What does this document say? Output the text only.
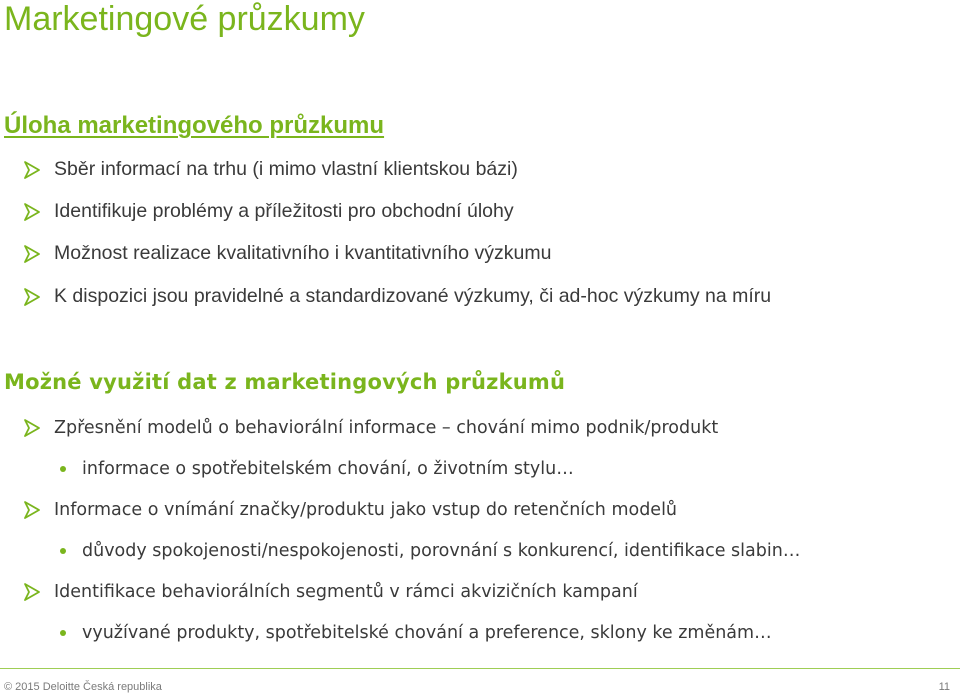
Marketingové průzkumy
Úloha marketingového průzkumu
Sběr informací na trhu (i mimo vlastní klientskou bázi)
Identifikuje problémy a příležitosti pro obchodní úlohy
Možnost realizace kvalitativního i kvantitativního výzkumu
K dispozici jsou pravidelné a standardizované výzkumy, či ad-hoc výzkumy na míru
Možné využití dat z marketingových průzkumů
Zpřesnění modelů o behaviorální informace – chování mimo podnik/produkt
informace o spotřebitelském chování, o životním stylu…
Informace o vnímání značky/produktu jako vstup do retenčních modelů
důvody spokojenosti/nespokojenosti, porovnání s konkurencí, identifikace slabin…
Identifikace behaviorálních segmentů v rámci akvizičních kampaní
využívané produkty, spotřebitelské chování a preference, sklony ke změnám…
© 2015 Deloitte Česká republika	11
